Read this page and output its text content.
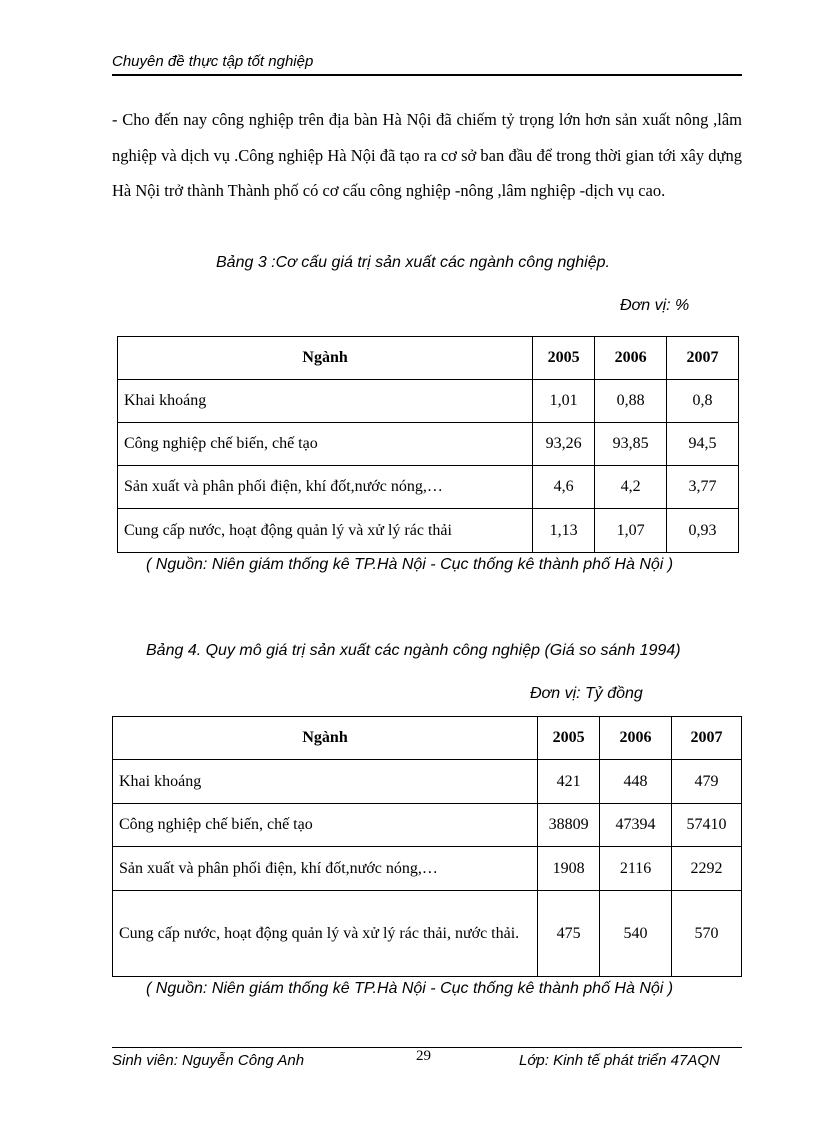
Chuyên đề thực tập tốt nghiệp

- Cho đến nay công nghiệp trên địa bàn Hà Nội đã chiếm tỷ trọng lớn hơn sản xuất nông ,lâm nghiệp và dịch vụ .Công nghiệp Hà Nội đã tạo ra cơ sở ban đầu để trong thời gian tới xây dựng Hà Nội trở thành Thành phố có cơ cấu công nghiệp -nông ,lâm nghiệp -dịch vụ cao.

Bảng 3 :Cơ cấu giá trị sản xuất các ngành công nghiệp.
Đơn vị: %
Ngành	2005	2006	2007
Khai khoáng	1,01	0,88	0,8
Công nghiệp chế biến, chế tạo	93,26	93,85	94,5
Sản xuất và phân phối điện, khí đốt,nước nóng,…	4,6	4,2	3,77
Cung cấp nước, hoạt động quản lý và xử lý rác thải	1,13	1,07	0,93
( Nguồn: Niên giám thống kê TP.Hà Nội - Cục thống kê thành phố Hà Nội )
Bảng 4. Quy mô giá trị sản xuất các ngành công nghiệp (Giá so sánh 1994)
Đơn vị: Tỷ đồng
Ngành	2005	2006	2007
Khai khoáng	421	448	479
Công nghiệp chế biến, chế tạo	38809	47394	57410
Sản xuất và phân phối điện, khí đốt,nước nóng,…	1908	2116	2292
Cung cấp nước, hoạt động quản lý và xử lý rác thải, nước thải.	475	540	570
( Nguồn: Niên giám thống kê TP.Hà Nội - Cục thống kê thành phố Hà Nội )
29
Sinh viên: Nguyễn Công Anh	Lớp: Kinh tế phát triển 47AQN
